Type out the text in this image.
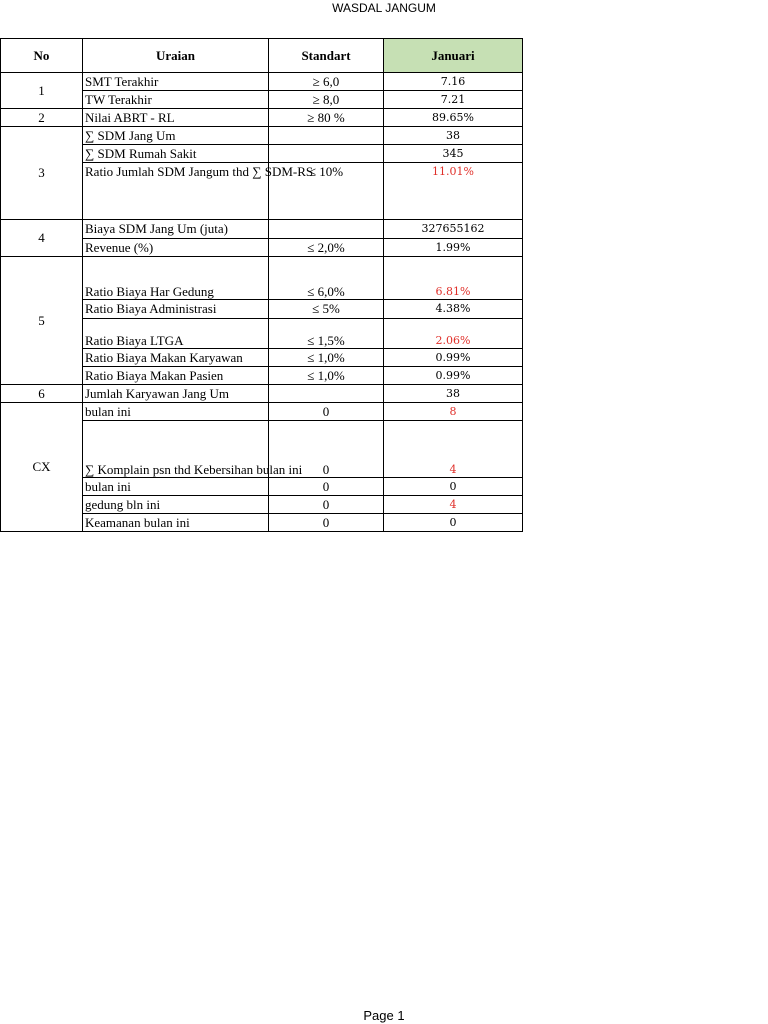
WASDAL JANGUM
No	Uraian	Standart	Januari
1	SMT Terakhir	≥ 6,0	7.16
	TW Terakhir	≥ 8,0	7.21
2	Nilai ABRT - RL	≥ 80 %	89.65%
3	∑ SDM Jang Um		38
	∑ SDM Rumah Sakit		345
	Ratio Jumlah SDM Jangum thd ∑ SDM-RS	≤ 10%	11.01%
4	Biaya SDM Jang Um (juta)		327655162
	Revenue (%)	≤ 2,0%	1.99%
5	Ratio Biaya Har Gedung	≤ 6,0%	6.81%
	Ratio Biaya Administrasi	≤ 5%	4.38%
	Ratio Biaya LTGA	≤ 1,5%	2.06%
	Ratio Biaya Makan Karyawan	≤ 1,0%	0.99%
	Ratio Biaya Makan Pasien	≤ 1,0%	0.99%
6	Jumlah Karyawan Jang Um		38
CX	bulan ini	0	8
	∑ Komplain psn thd Kebersihan bulan ini	0	4
	bulan ini	0	0
	gedung bln ini	0	4
	Keamanan bulan ini	0	0
Page 1
